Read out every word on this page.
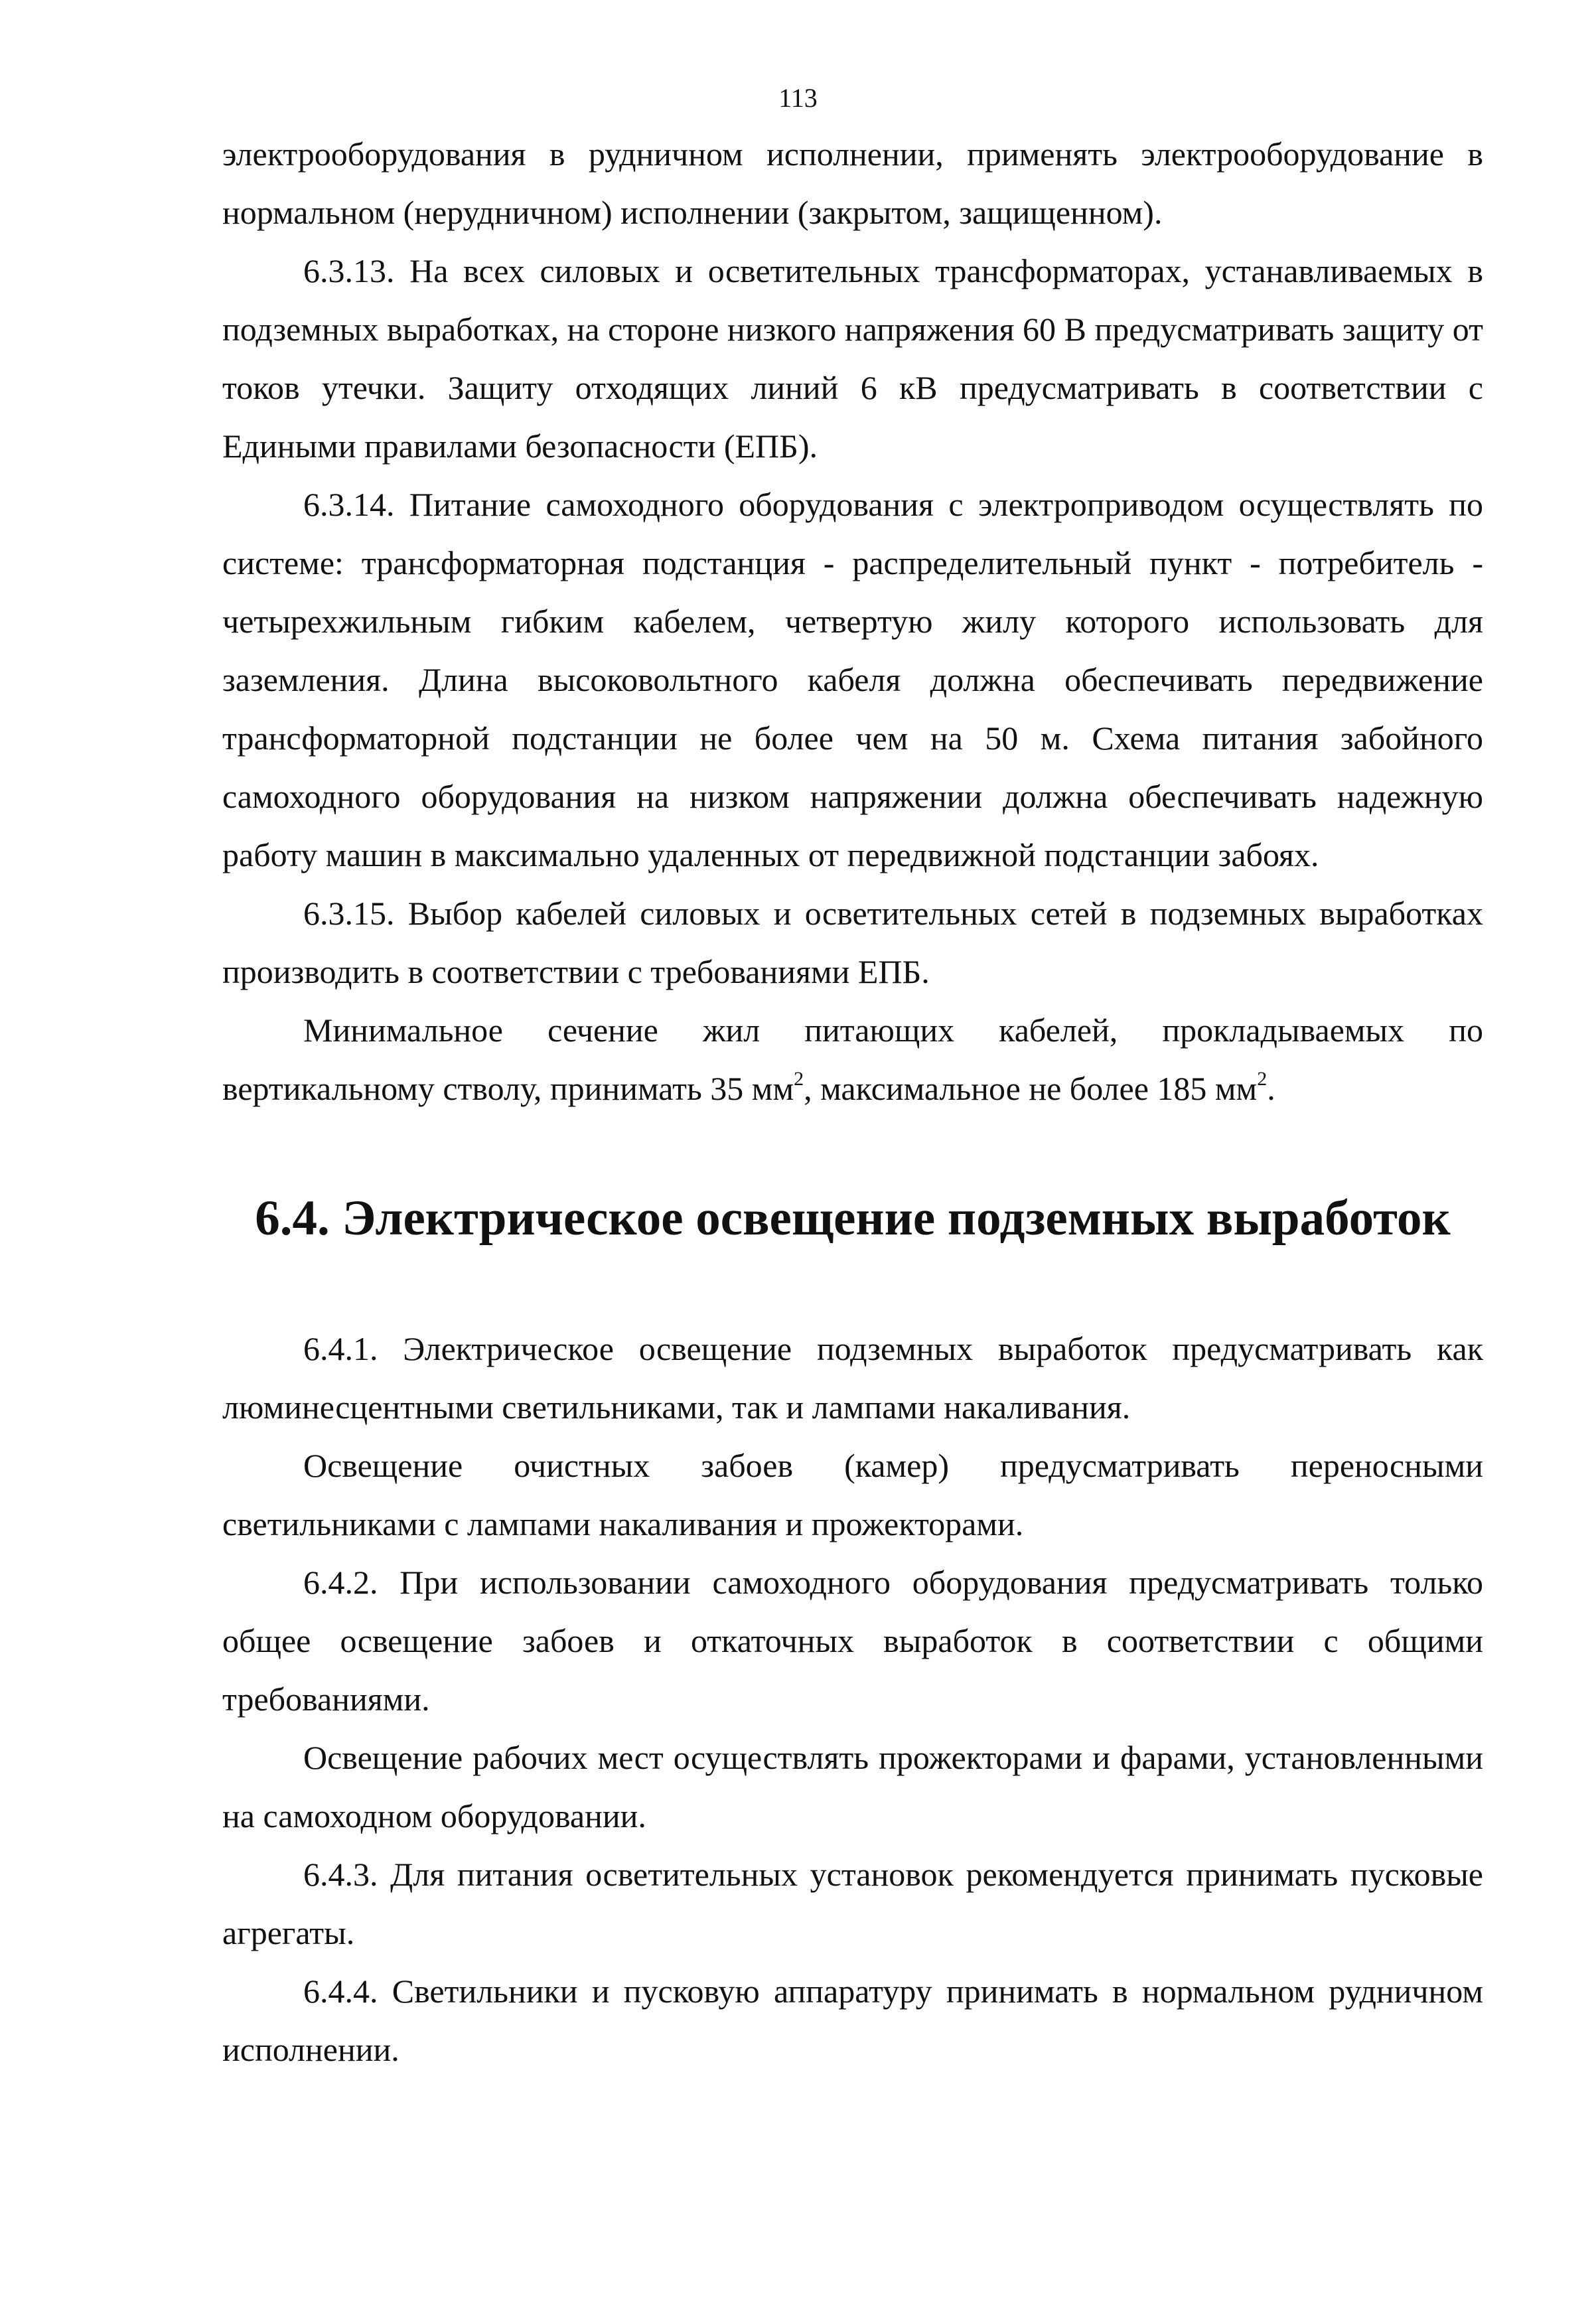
113

электрооборудования в рудничном исполнении, применять электрооборудование в нормальном (нерудничном) исполнении (закрытом, защищенном).

6.3.13. На всех силовых и осветительных трансформаторах, устанавливаемых в подземных выработках, на стороне низкого напряжения 60 В предусматривать защиту от токов утечки. Защиту отходящих линий 6 кВ предусматривать в соответствии с Едиными правилами безопасности (ЕПБ).

6.3.14. Питание самоходного оборудования с электроприводом осуществлять по системе: трансформаторная подстанция - распределительный пункт - потребитель - четырехжильным гибким кабелем, четвертую жилу которого использовать для заземления. Длина высоковольтного кабеля должна обеспечивать передвижение трансформаторной подстанции не более чем на 50 м. Схема питания забойного самоходного оборудования на низком напряжении должна обеспечивать надежную работу машин в максимально удаленных от передвижной подстанции забоях.

6.3.15. Выбор кабелей силовых и осветительных сетей в подземных выработках производить в соответствии с требованиями ЕПБ.

Минимальное сечение жил питающих кабелей, прокладываемых по вертикальному стволу, принимать 35 $мм^2$, максимальное не более 185 $мм^2$.

6.4. Электрическое освещение подземных выработок

6.4.1. Электрическое освещение подземных выработок предусматривать как люминесцентными светильниками, так и лампами накаливания.

Освещение очистных забоев (камер) предусматривать переносными светильниками с лампами накаливания и прожекторами.

6.4.2. При использовании самоходного оборудования предусматривать только общее освещение забоев и откаточных выработок в соответствии с общими требованиями.

Освещение рабочих мест осуществлять прожекторами и фарами, установленными на самоходном оборудовании.

6.4.3. Для питания осветительных установок рекомендуется принимать пусковые агрегаты.

6.4.4. Светильники и пусковую аппаратуру принимать в нормальном рудничном исполнении.
